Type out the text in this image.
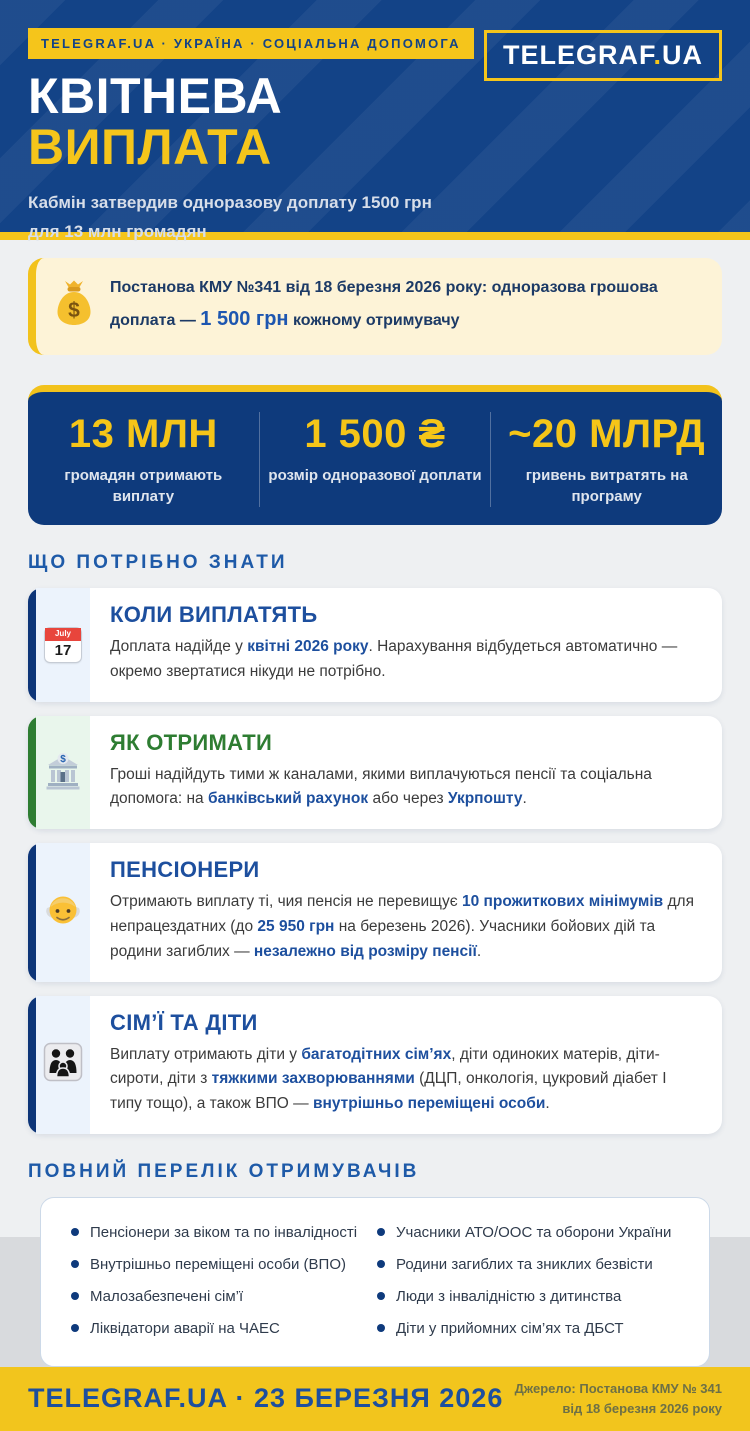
TELEGRAF.UA · УКРАЇНА · СОЦІАЛЬНА ДОПОМОГА	TELEGRAF.UA
КВІТНЕВА
ВИПЛАТА
Кабмін затвердив одноразову доплату 1500 грн для 13 млн громадян
$
Постанова КМУ №341 від 18 березня 2026 року: одноразова грошова доплата — 1 500 грн кожному отримувачу
13 МЛН
громадян отримають виплату
1 500 ₴
розмір одноразової доплати
~20 МЛРД
гривень витратять на програму
ЩО ПОТРІБНО ЗНАТИ
July
17
КОЛИ ВИПЛАТЯТЬ
Доплата надійде у квітні 2026 року. Нарахування відбудеться автоматично — окремо звертатися нікуди не потрібно.
$
ЯК ОТРИМАТИ
Гроші надійдуть тими ж каналами, якими виплачуються пенсії та соціальна допомога: на банківський рахунок або через Укрпошту.
ПЕНСІОНЕРИ
Отримають виплату ті, чия пенсія не перевищує 10 прожиткових мінімумів для непрацездатних (до 25 950 грн на березень 2026). Учасники бойових дій та родини загиблих — незалежно від розміру пенсії.
СІМ’Ї ТА ДІТИ
Виплату отримають діти у багатодітних сім’ях, діти одиноких матерів, діти-сироти, діти з тяжкими захворюваннями (ДЦП, онкологія, цукровий діабет І типу тощо), а також ВПО — внутрішньо переміщені особи.
ПОВНИЙ ПЕРЕЛІК ОТРИМУВАЧІВ
Пенсіонери за віком та по інвалідності
Внутрішньо переміщені особи (ВПО)
Малозабезпечені сім’ї
Ліквідатори аварії на ЧАЕС
Учасники АТО/ООС та оборони України
Родини загиблих та зниклих безвісти
Люди з інвалідністю з дитинства
Діти у прийомних сім’ях та ДБСТ
TELEGRAF.UA · 23 БЕРЕЗНЯ 2026 Джерело: Постанова КМУ № 341
від 18 березня 2026 року
